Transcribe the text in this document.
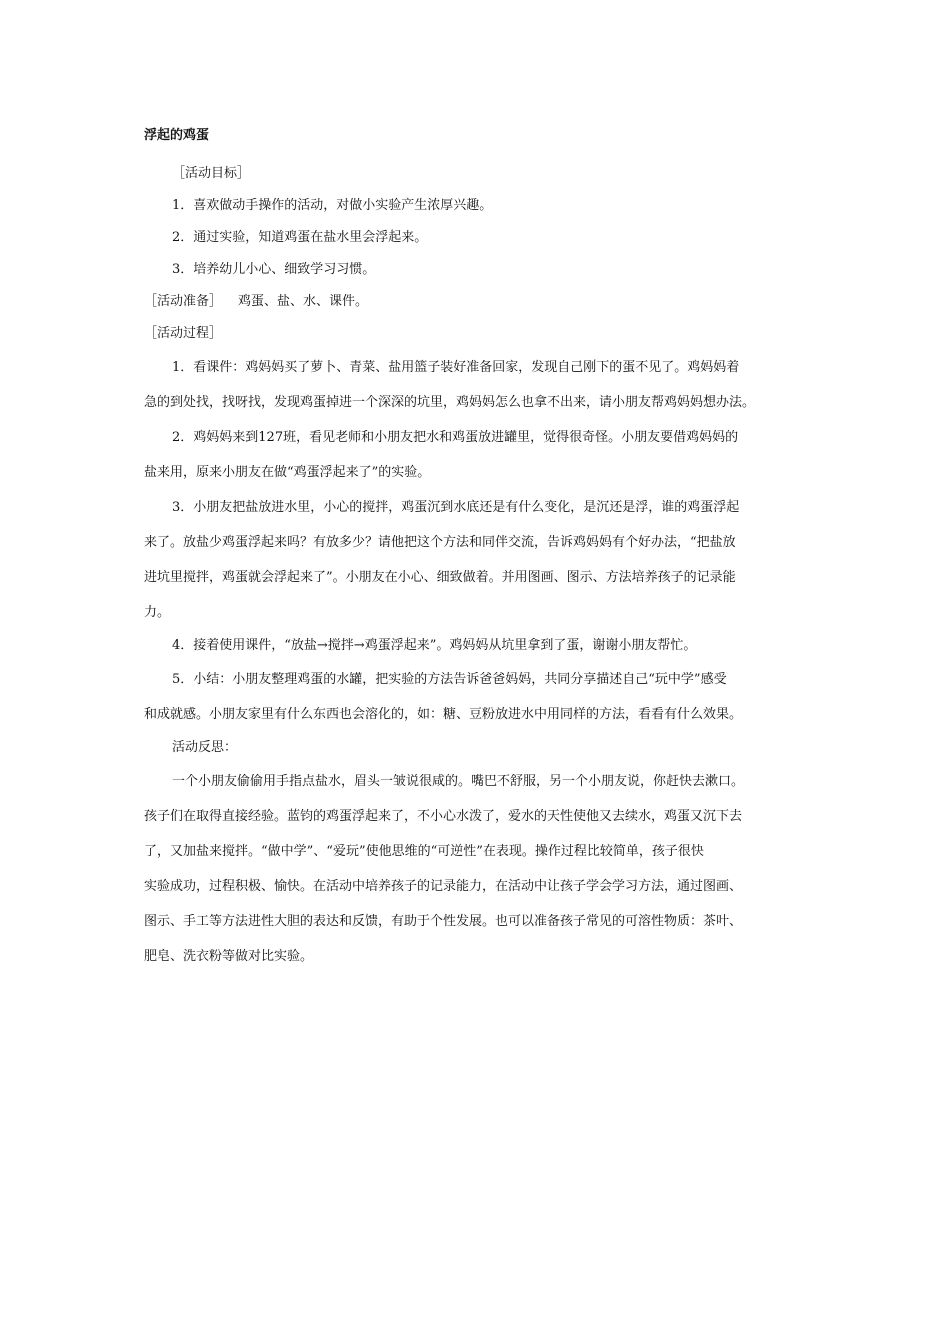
浮起的鸡蛋

［活动目标］

1．喜欢做动手操作的活动，对做小实验产生浓厚兴趣。

2．通过实验，知道鸡蛋在盐水里会浮起来。

3．培养幼儿小心、细致学习习惯。

［活动准备］ 鸡蛋、盐、水、课件。

［活动过程］

1．看课件：鸡妈妈买了萝卜、青菜、盐用篮子装好准备回家，发现自己刚下的蛋不见了。鸡妈妈着

急的到处找，找呀找，发现鸡蛋掉进一个深深的坑里，鸡妈妈怎么也拿不出来，请小朋友帮鸡妈妈想办法。

2．鸡妈妈来到127班，看见老师和小朋友把水和鸡蛋放进罐里，觉得很奇怪。小朋友要借鸡妈妈的

盐来用，原来小朋友在做“鸡蛋浮起来了”的实验。

3．小朋友把盐放进水里，小心的搅拌，鸡蛋沉到水底还是有什么变化，是沉还是浮，谁的鸡蛋浮起

来了。放盐少鸡蛋浮起来吗？有放多少？请他把这个方法和同伴交流，告诉鸡妈妈有个好办法，“把盐放

进坑里搅拌，鸡蛋就会浮起来了”。小朋友在小心、细致做着。并用图画、图示、方法培养孩子的记录能

力。

4．接着使用课件，“放盐→搅拌→鸡蛋浮起来”。鸡妈妈从坑里拿到了蛋，谢谢小朋友帮忙。

5．小结：小朋友整理鸡蛋的水罐，把实验的方法告诉爸爸妈妈，共同分享描述自己“玩中学”感受

和成就感。小朋友家里有什么东西也会溶化的，如：糖、豆粉放进水中用同样的方法，看看有什么效果。

活动反思：

一个小朋友偷偷用手指点盐水，眉头一皱说很咸的。嘴巴不舒服，另一个小朋友说，你赶快去漱口。

孩子们在取得直接经验。蓝钧的鸡蛋浮起来了，不小心水泼了，爱水的天性使他又去续水，鸡蛋又沉下去

了，又加盐来搅拌。“做中学”、“爱玩”使他思维的“可逆性”在表现。操作过程比较简单，孩子很快

实验成功，过程积极、愉快。在活动中培养孩子的记录能力，在活动中让孩子学会学习方法，通过图画、

图示、手工等方法进性大胆的表达和反馈，有助于个性发展。也可以准备孩子常见的可溶性物质：茶叶、

肥皂、洗衣粉等做对比实验。
